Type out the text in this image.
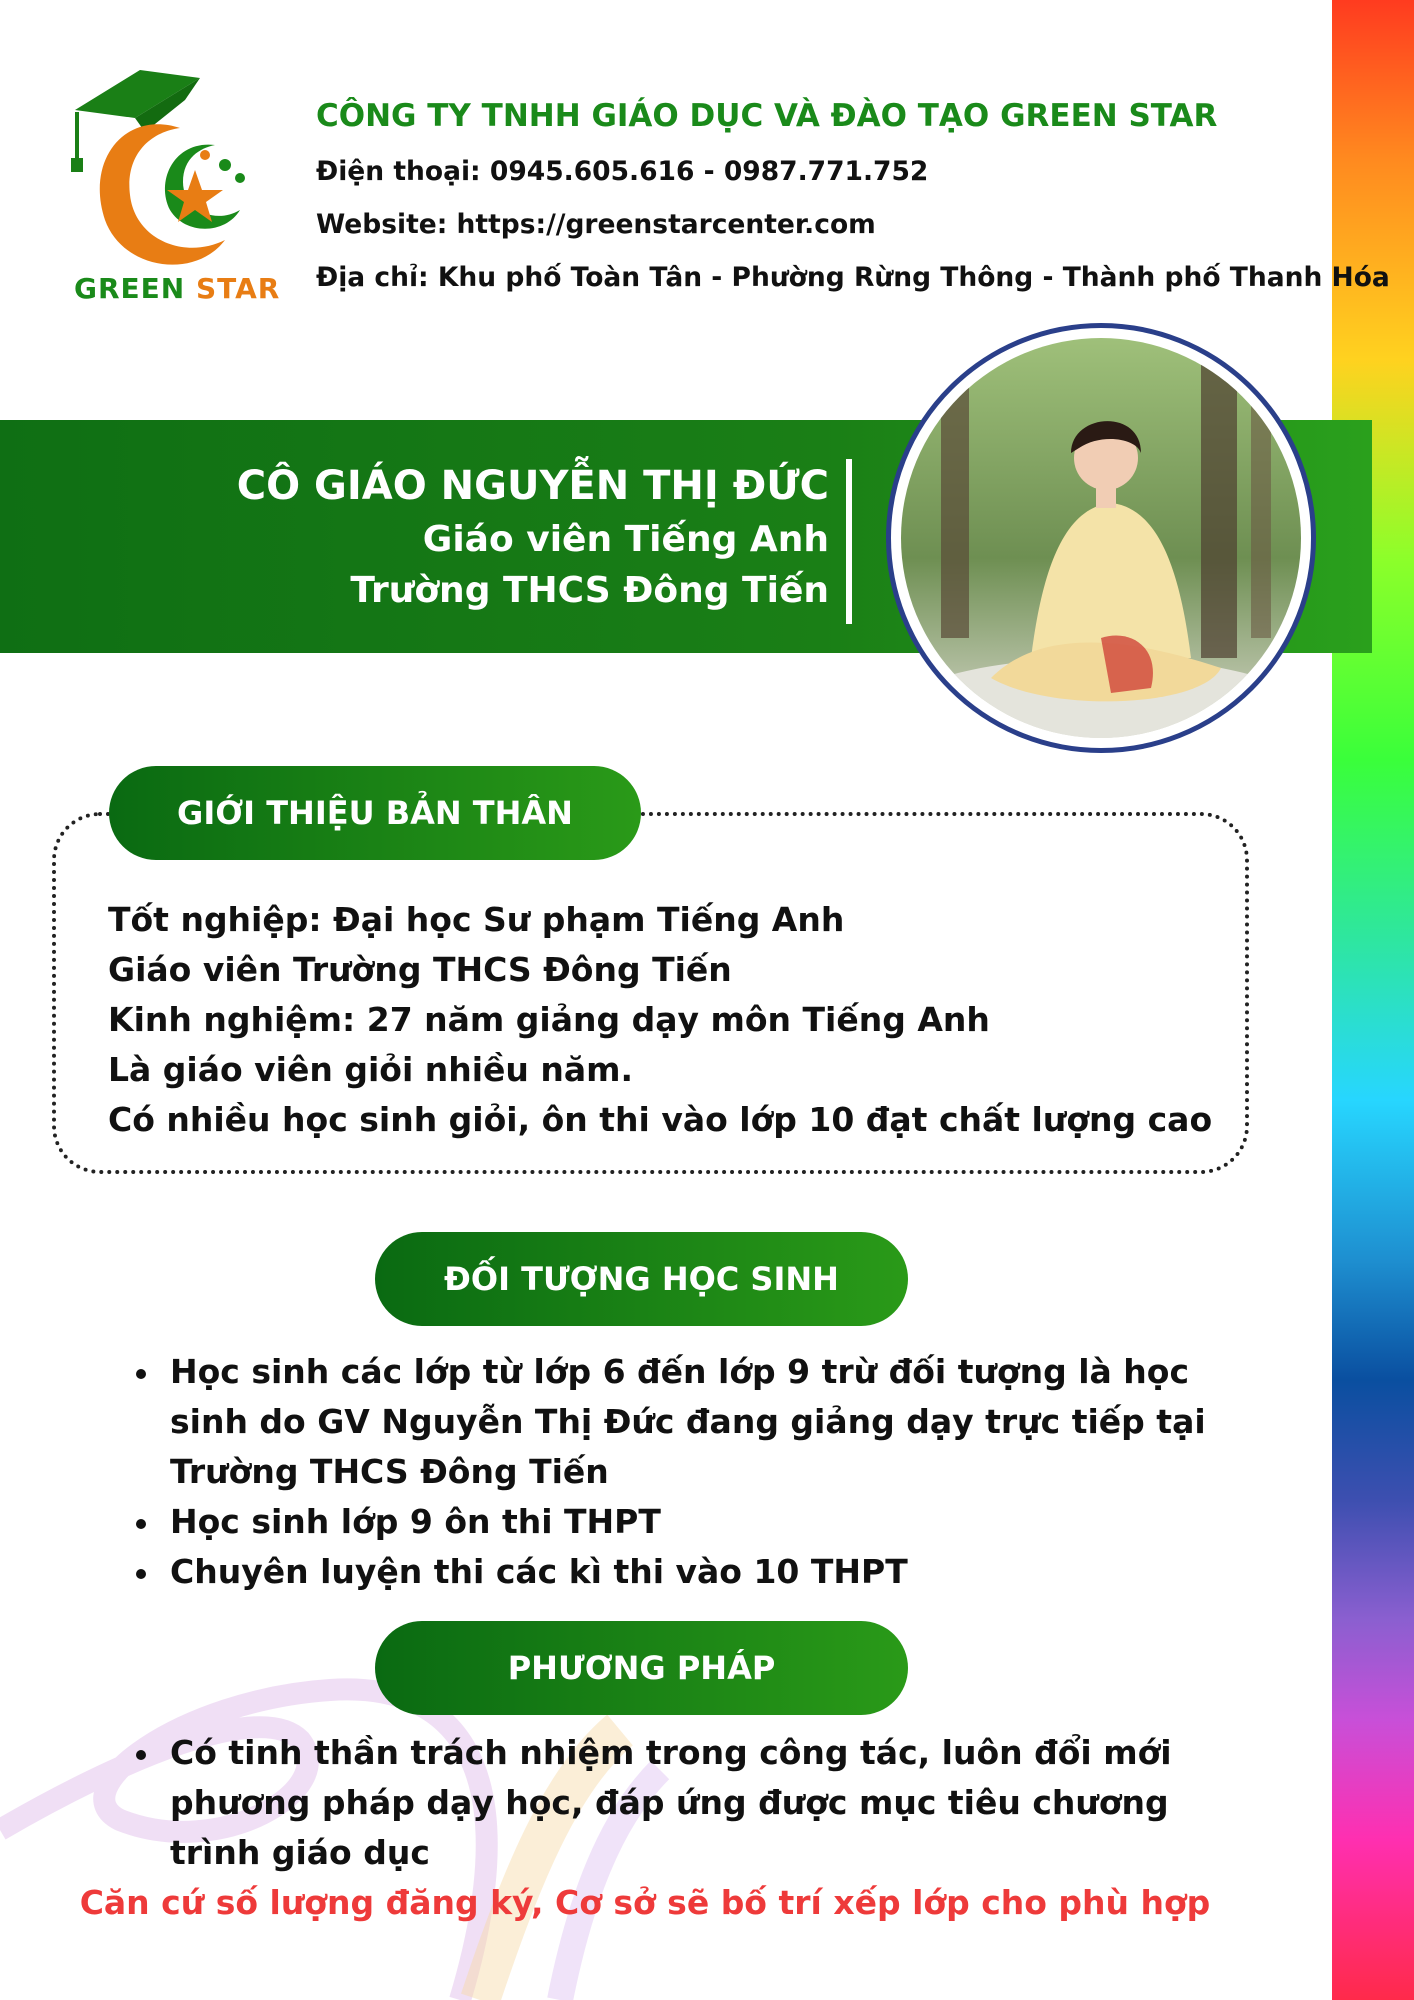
GREEN STAR
CÔNG TY TNHH GIÁO DỤC VÀ ĐÀO TẠO GREEN STAR
Điện thoại: 0945.605.616 - 0987.771.752
Website: https://greenstarcenter.com
Địa chỉ: Khu phố Toàn Tân - Phường Rừng Thông - Thành phố Thanh Hóa
CÔ GIÁO NGUYỄN THỊ ĐỨC
Giáo viên Tiếng Anh
Trường THCS Đông Tiến
GIỚI THIỆU BẢN THÂN
Tốt nghiệp: Đại học Sư phạm Tiếng Anh
Giáo viên Trường THCS Đông Tiến
Kinh nghiệm: 27 năm giảng dạy môn Tiếng Anh
Là giáo viên giỏi nhiều năm.
Có nhiều học sinh giỏi, ôn thi vào lớp 10 đạt chất lượng cao
ĐỐI TƯỢNG HỌC SINH
Học sinh các lớp từ lớp 6 đến lớp 9 trừ đối tượng là học sinh do GV Nguyễn Thị Đức đang giảng dạy trực tiếp tại Trường THCS Đông Tiến
Học sinh lớp 9 ôn thi THPT
Chuyên luyện thi các kì thi vào 10 THPT
PHƯƠNG PHÁP
Có tinh thần trách nhiệm trong công tác, luôn đổi mới phương pháp dạy học, đáp ứng được mục tiêu chương trình giáo dục
Căn cứ số lượng đăng ký, Cơ sở sẽ bố trí xếp lớp cho phù hợp
